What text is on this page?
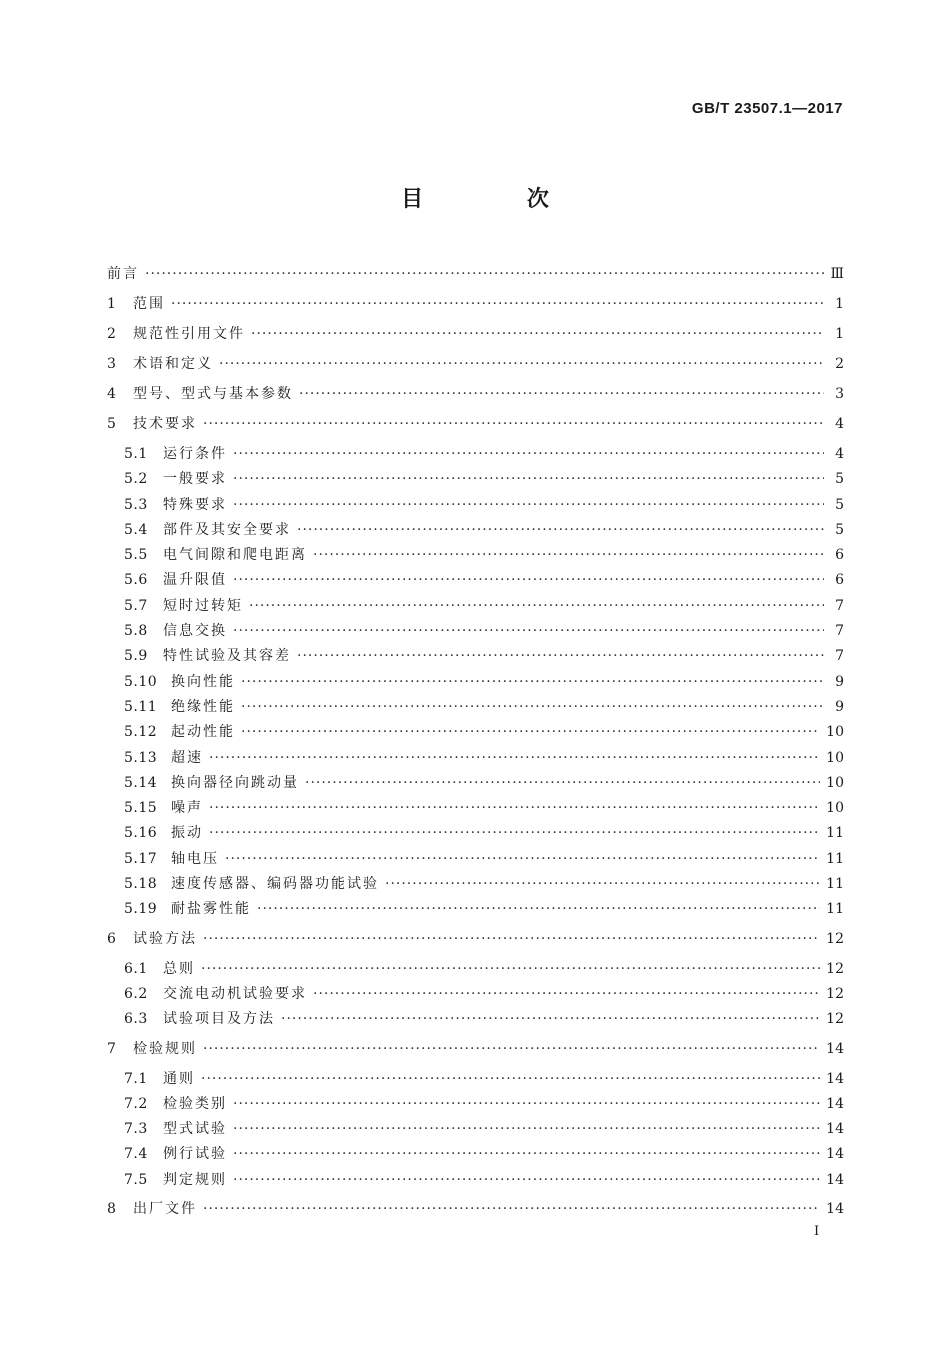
GB/T 23507.1—2017
目 次
前言 ·····	Ⅲ
1	范围 ·····	1
2	规范性引用文件 ·····	1
3	术语和定义 ·····	2
4	型号、型式与基本参数 ·····	3
5	技术要求 ·····	4
5.1	运行条件 ·····	4
5.2	一般要求 ·····	5
5.3	特殊要求 ·····	5
5.4	部件及其安全要求 ·····	5
5.5	电气间隙和爬电距离 ·····	6
5.6	温升限值 ·····	6
5.7	短时过转矩 ·····	7
5.8	信息交换 ·····	7
5.9	特性试验及其容差 ·····	7
5.10 换向性能 ·····	9
5.11 绝缘性能 ·····	9
5.12 起动性能 ·····	10
5.13 超速 ·····	10
5.14 换向器径向跳动量 ·····	10
5.15 噪声 ·····	10
5.16 振动 ·····	11
5.17 轴电压 ·····	11
5.18 速度传感器、编码器功能试验 ·····	11
5.19 耐盐雾性能 ·····	11
6	试验方法 ·····	12
6.1	总则 ·····	12
6.2	交流电动机试验要求 ·····	12
6.3	试验项目及方法 ·····	12
7	检验规则 ·····	14
7.1	通则 ·····	14
7.2	检验类别 ·····	14
7.3	型式试验 ·····	14
7.4	例行试验 ·····	14
7.5	判定规则 ·····	14
8	出厂文件 ·····	14
I
